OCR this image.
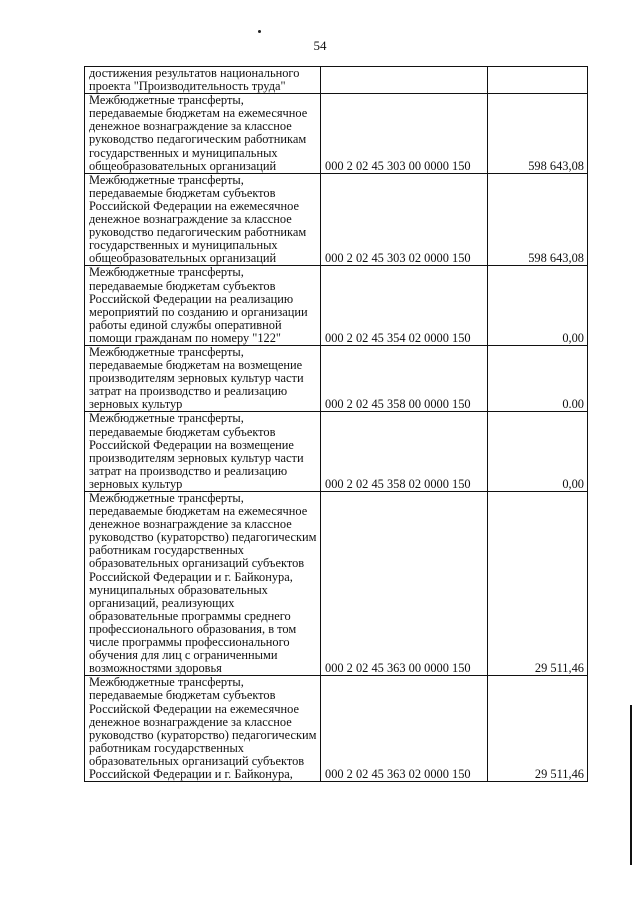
54
достижения результатов национального проекта "Производительность труда"		
Межбюджетные трансферты, передаваемые бюджетам на ежемесячное денежное вознаграждение за классное руководство педагогическим работникам государственных и муниципальных общеобразовательных организаций	000 2 02 45 303 00 0000 150	598 643,08
Межбюджетные трансферты, передаваемые бюджетам субъектов Российской Федерации на ежемесячное денежное вознаграждение за классное руководство педагогическим работникам государственных и муниципальных общеобразовательных организаций	000 2 02 45 303 02 0000 150	598 643,08
Межбюджетные трансферты, передаваемые бюджетам субъектов Российской Федерации на реализацию мероприятий по созданию и организации работы единой службы оперативной помощи гражданам по номеру "122"	000 2 02 45 354 02 0000 150	0,00
Межбюджетные трансферты, передаваемые бюджетам на возмещение производителям зерновых культур части затрат на производство и реализацию зерновых культур	000 2 02 45 358 00 0000 150	0.00
Межбюджетные трансферты, передаваемые бюджетам субъектов Российской Федерации на возмещение производителям зерновых культур части затрат на производство и реализацию зерновых культур	000 2 02 45 358 02 0000 150	0,00
Межбюджетные трансферты, передаваемые бюджетам на ежемесячное денежное вознаграждение за классное руководство (кураторство) педагогическим работникам государственных образовательных организаций субъектов Российской Федерации и г. Байконура, муниципальных образовательных организаций, реализующих образовательные программы среднего профессионального образования, в том числе программы профессионального обучения для лиц с ограниченными возможностями здоровья	000 2 02 45 363 00 0000 150	29 511,46
Межбюджетные трансферты, передаваемые бюджетам субъектов Российской Федерации на ежемесячное денежное вознаграждение за классное руководство (кураторство) педагогическим работникам государственных образовательных организаций субъектов Российской Федерации и г. Байконура,	000 2 02 45 363 02 0000 150	29 511,46
